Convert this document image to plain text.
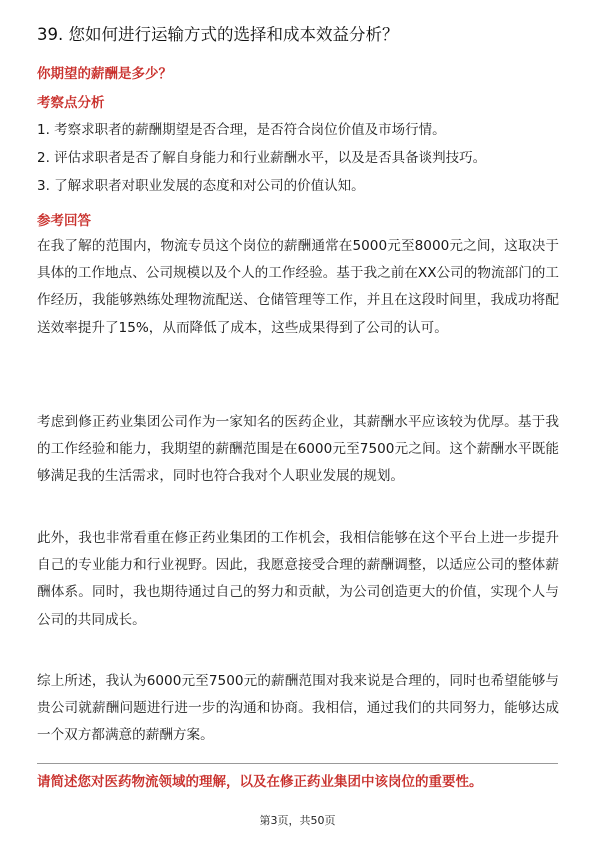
39. 您如何进行运输方式的选择和成本效益分析？
你期望的薪酬是多少？
考察点分析
1. 考察求职者的薪酬期望是否合理，是否符合岗位价值及市场行情。
2. 评估求职者是否了解自身能力和行业薪酬水平，以及是否具备谈判技巧。
3. 了解求职者对职业发展的态度和对公司的价值认知。
参考回答
在我了解的范围内，物流专员这个岗位的薪酬通常在5000元至8000元之间，这取决于具体的工作地点、公司规模以及个人的工作经验。基于我之前在XX公司的物流部门的工作经历，我能够熟练处理物流配送、仓储管理等工作，并且在这段时间里，我成功将配送效率提升了15%，从而降低了成本，这些成果得到了公司的认可。
考虑到修正药业集团公司作为一家知名的医药企业，其薪酬水平应该较为优厚。基于我的工作经验和能力，我期望的薪酬范围是在6000元至7500元之间。这个薪酬水平既能够满足我的生活需求，同时也符合我对个人职业发展的规划。
此外，我也非常看重在修正药业集团的工作机会，我相信能够在这个平台上进一步提升自己的专业能力和行业视野。因此，我愿意接受合理的薪酬调整，以适应公司的整体薪酬体系。同时，我也期待通过自己的努力和贡献，为公司创造更大的价值，实现个人与公司的共同成长。
综上所述，我认为6000元至7500元的薪酬范围对我来说是合理的，同时也希望能够与贵公司就薪酬问题进行进一步的沟通和协商。我相信，通过我们的共同努力，能够达成一个双方都满意的薪酬方案。
请简述您对医药物流领域的理解，以及在修正药业集团中该岗位的重要性。
第3页，共50页
